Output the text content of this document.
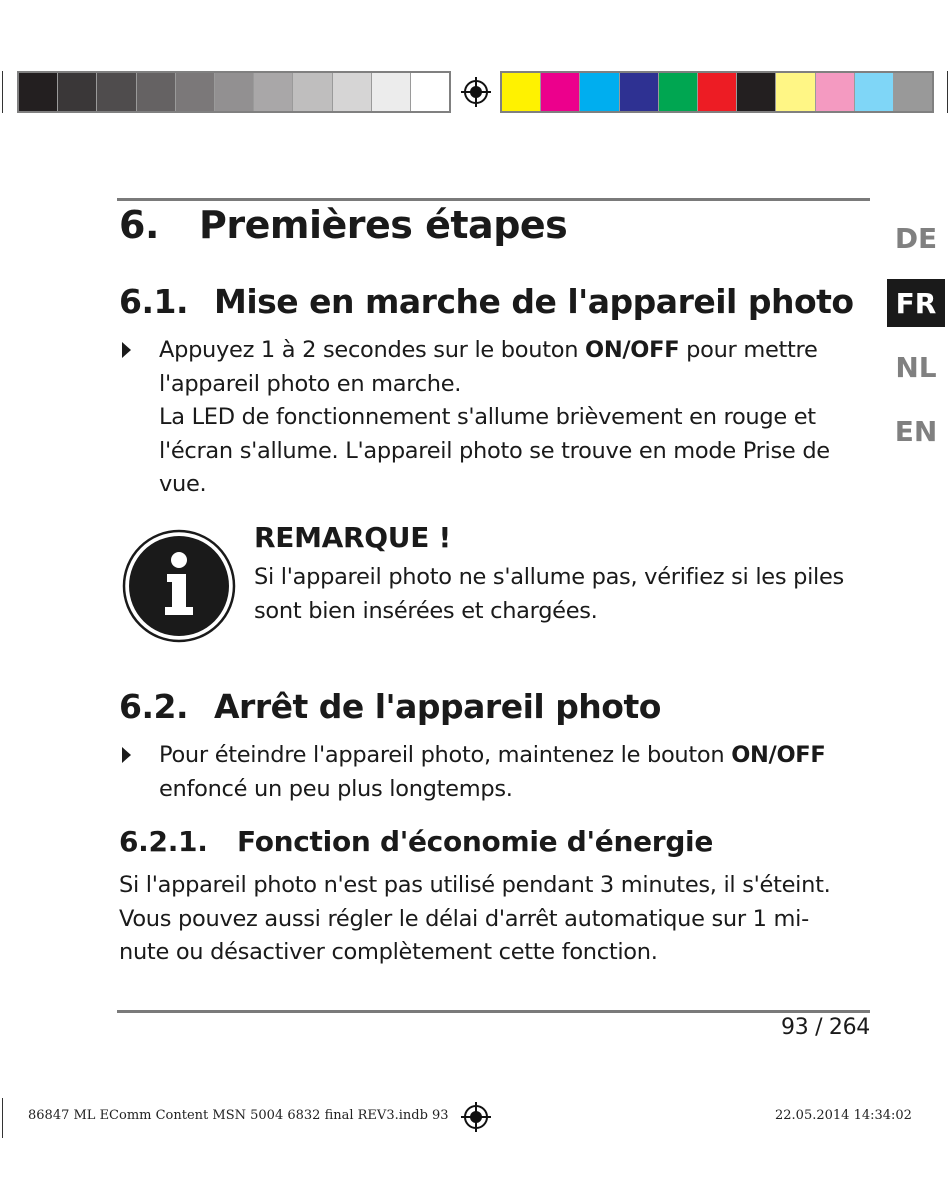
6. Premières étapes
6.1. Mise en marche de l'appareil photo
Appuyez 1 à 2 secondes sur le bouton ON/OFF pour mettre
l'appareil photo en marche.
La LED de fonctionnement s'allume brièvement en rouge et
l'écran s'allume. L'appareil photo se trouve en mode Prise de
vue.
REMARQUE !
Si l'appareil photo ne s'allume pas, vérifiez si les piles
sont bien insérées et chargées.
6.2. Arrêt de l'appareil photo
Pour éteindre l'appareil photo, maintenez le bouton ON/OFF
enfoncé un peu plus longtemps.
6.2.1. Fonction d'économie d'énergie
Si l'appareil photo n'est pas utilisé pendant 3 minutes, il s'éteint.
Vous pouvez aussi régler le délai d'arrêt automatique sur 1 mi-
nute ou désactiver complètement cette fonction.
93 / 264
DE
FR
NL
EN
86847 ML EComm Content MSN 5004 6832 final REV3.indb 93	22.05.2014 14:34:02
